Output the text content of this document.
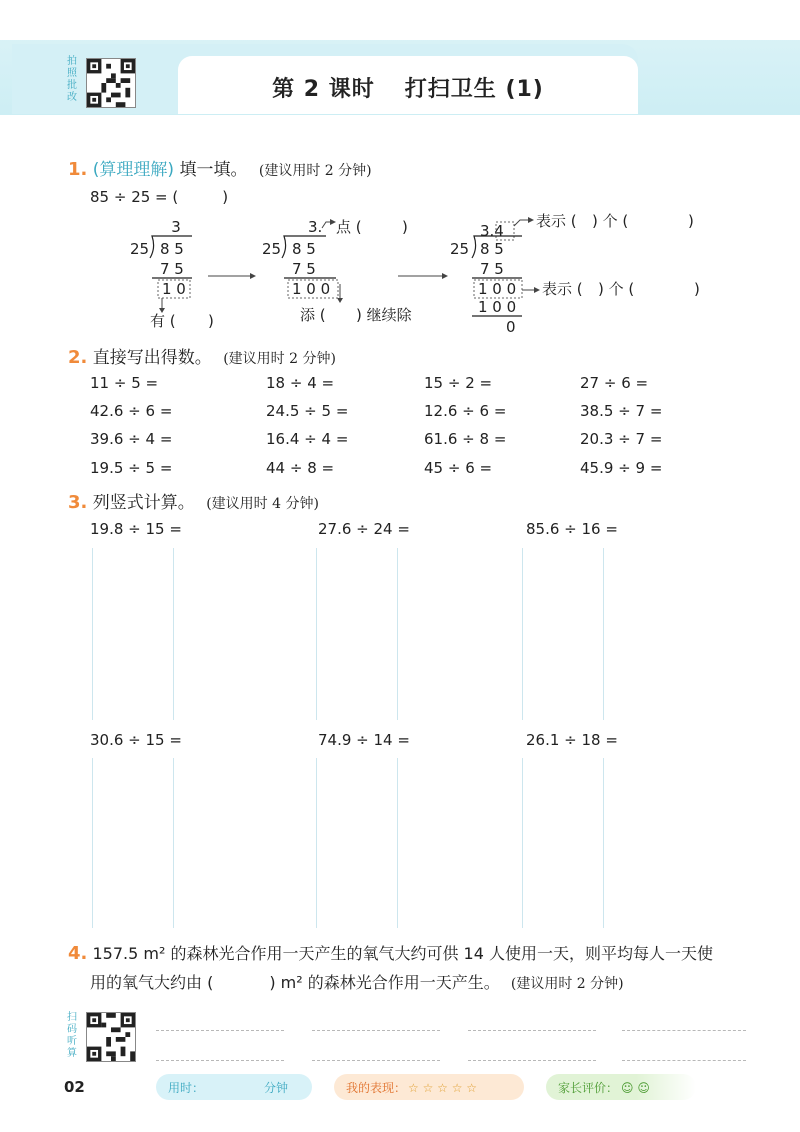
第 2 课时 打扫卫生 (1)
拍照批改
1. (算理理解) 填一填。 (建议用时 2 分钟)
85 ÷ 25 = (	)
3
25 8 5
7 5
1 0
有 ( )
3. 点 (	)
25 8 5
7 5
1 0 0
添 ( ) 继续除
3.4
表示 ( ) 个 (	)
25 8 5
7 5
1 0 0 表示 ( ) 个 (	)
1 0 0
0
2. 直接写出得数。 (建议用时 2 分钟)
11 ÷ 5 =	18 ÷ 4 =	15 ÷ 2 =	27 ÷ 6 =
42.6 ÷ 6 =	24.5 ÷ 5 =	12.6 ÷ 6 =	38.5 ÷ 7 =
39.6 ÷ 4 =	16.4 ÷ 4 =	61.6 ÷ 8 =	20.3 ÷ 7 =
19.5 ÷ 5 =	44 ÷ 8 =	45 ÷ 6 =	45.9 ÷ 9 =
3. 列竖式计算。 (建议用时 4 分钟)
19.8 ÷ 15 =	27.6 ÷ 24 =	85.6 ÷ 16 =
30.6 ÷ 15 =	74.9 ÷ 14 =	26.1 ÷ 18 =
4. 157.5 m² 的森林光合作用一天产生的氧气大约可供 14 人使用一天，则平均每人一天使
用的氧气大约由 (	) m² 的森林光合作用一天产生。 (建议用时 2 分钟)
扫码听算
02	用时：	分钟	我的表现： ☆ ☆ ☆ ☆ ☆	家长评价： ☺ ☺
